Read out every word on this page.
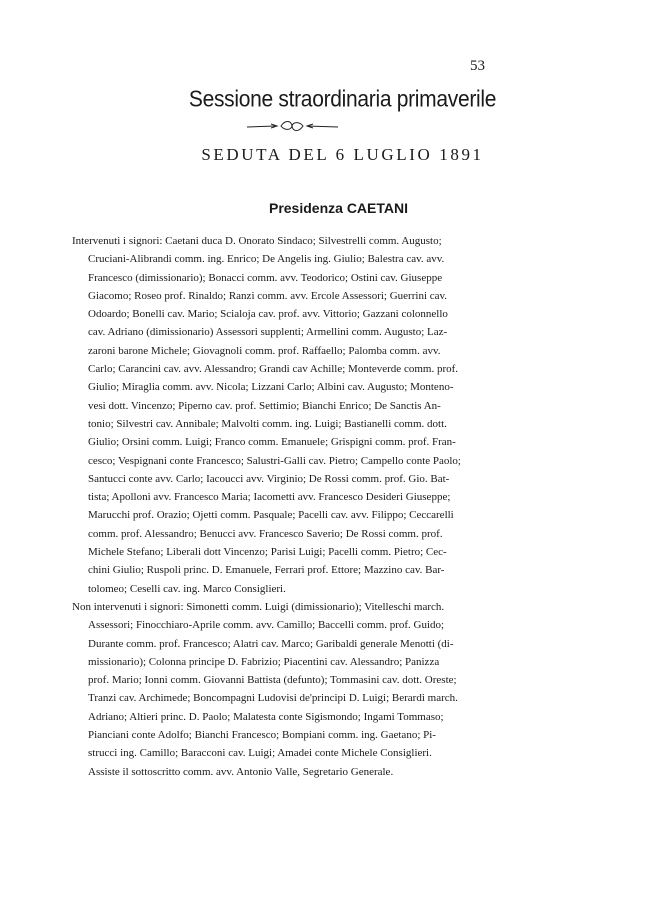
53
Sessione straordinaria primaverile
SEDUTA DEL 6 LUGLIO 1891
Presidenza CAETANI
Intervenuti i signori: Caetani duca D. Onorato Sindaco; Silvestrelli comm. Augusto;
Cruciani-Alibrandi comm. ing. Enrico; De Angelis ing. Giulio; Balestra cav. avv.
Francesco (dimissionario); Bonacci comm. avv. Teodorico; Ostini cav. Giuseppe
Giacomo; Roseo prof. Rinaldo; Ranzi comm. avv. Ercole Assessori; Guerrini cav.
Odoardo; Bonelli cav. Mario; Scialoja cav. prof. avv. Vittorio; Gazzani colonnello
cav. Adriano (dimissionario) Assessori supplenti; Armellini comm. Augusto; Laz-
zaroni barone Michele; Giovagnoli comm. prof. Raffaello; Palomba comm. avv.
Carlo; Carancini cav. avv. Alessandro; Grandi cav Achille; Monteverde comm. prof.
Giulio; Miraglia comm. avv. Nicola; Lizzani Carlo; Albini cav. Augusto; Monteno-
vesi dott. Vincenzo; Piperno cav. prof. Settimio; Bianchi Enrico; De Sanctis An-
tonio; Silvestri cav. Annibale; Malvolti comm. ing. Luigi; Bastianelli comm. dott.
Giulio; Orsini comm. Luigi; Franco comm. Emanuele; Grispigni comm. prof. Fran-
cesco; Vespignani conte Francesco; Salustri-Galli cav. Pietro; Campello conte Paolo;
Santucci conte avv. Carlo; Iacoucci avv. Virginio; De Rossi comm. prof. Gio. Bat-
tista; Apolloni avv. Francesco Maria; Iacometti avv. Francesco Desideri Giuseppe;
Marucchi prof. Orazio; Ojetti comm. Pasquale; Pacelli cav. avv. Filippo; Ceccarelli
comm. prof. Alessandro; Benucci avv. Francesco Saverio; De Rossi comm. prof.
Michele Stefano; Liberali dott Vincenzo; Parisi Luigi; Pacelli comm. Pietro; Cec-
chini Giulio; Ruspoli princ. D. Emanuele, Ferrari prof. Ettore; Mazzino cav. Bar-
tolomeo; Ceselli cav. ing. Marco Consiglieri.
Non intervenuti i signori: Simonetti comm. Luigi (dimissionario); Vitelleschi march.
Assessori; Finocchiaro-Aprile comm. avv. Camillo; Baccelli comm. prof. Guido;
Durante comm. prof. Francesco; Alatri cav. Marco; Garibaldi generale Menotti (di-
missionario); Colonna principe D. Fabrizio; Piacentini cav. Alessandro; Panizza
prof. Mario; Ionni comm. Giovanni Battista (defunto); Tommasini cav. dott. Oreste;
Tranzi cav. Archimede; Boncompagni Ludovisi de'principi D. Luigi; Berardi march.
Adriano; Altieri princ. D. Paolo; Malatesta conte Sigismondo; Ingami Tommaso;
Pianciani conte Adolfo; Bianchi Francesco; Bompiani comm. ing. Gaetano; Pi-
strucci ing. Camillo; Baracconi cav. Luigi; Amadei conte Michele Consiglieri.
Assiste il sottoscritto comm. avv. Antonio Valle, Segretario Generale.
